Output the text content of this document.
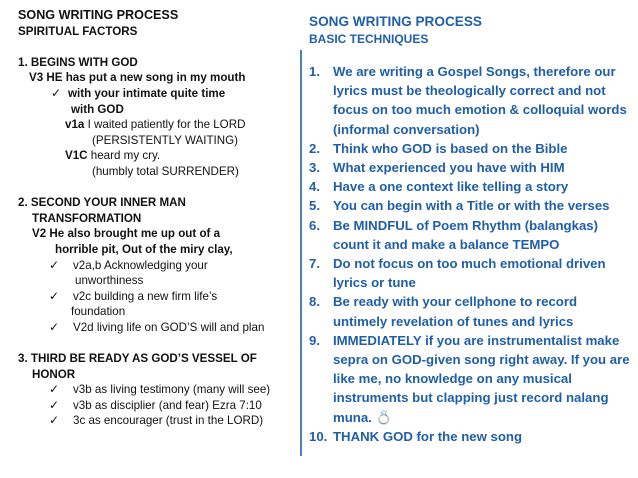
SONG WRITING PROCESS
SPIRITUAL FACTORS
1. BEGINS WITH GOD
V3 HE has put a new song in my mouth
✓ with your intimate quite time
with GOD
v1a I waited patiently for the LORD
(PERSISTENTLY WAITING)
V1C heard my cry.
(humbly total SURRENDER)
2. SECOND YOUR INNER MAN
TRANSFORMATION
V2 He also brought me up out of a
horrible pit, Out of the miry clay,
✓ v2a,b Acknowledging your
unworthiness
✓ v2c building a new firm life’s
foundation
✓ V2d living life on GOD’S will and plan
3. THIRD BE READY AS GOD’S VESSEL OF
HONOR
✓ v3b as living testimony (many will see)
✓ v3b as disciplier (and fear) Ezra 7:10
✓ 3c as encourager (trust in the LORD)
SONG WRITING PROCESS
BASIC TECHNIQUES
1. We are writing a Gospel Songs, therefore our lyrics must be theologically correct and not focus on too much emotion & colloquial words (informal conversation)
2. Think who GOD is based on the Bible
3. What experienced you have with HIM
4. Have a one context like telling a story
5. You can begin with a Title or with the verses
6. Be MINDFUL of Poem Rhythm (balangkas) count it and make a balance TEMPO
7. Do not focus on too much emotional driven lyrics or tune
8. Be ready with your cellphone to record untimely revelation of tunes and lyrics
9. IMMEDIATELY if you are instrumentalist make sepra on GOD-given song right away. If you are like me, no knowledge on any musical instruments but clapping just record nalang muna. 💍
10. THANK GOD for the new song
